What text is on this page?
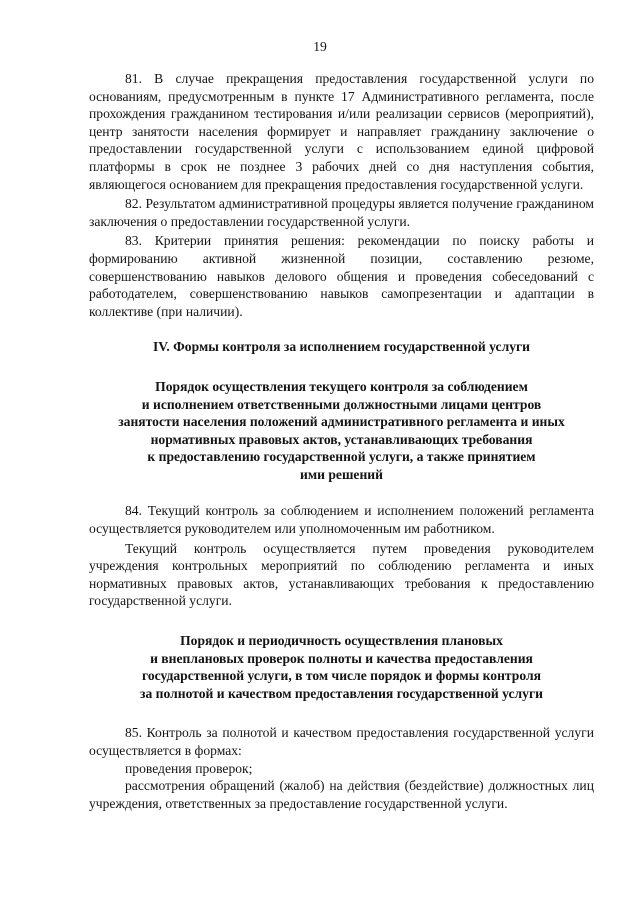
19

81. В случае прекращения предоставления государственной услуги по основаниям, предусмотренным в пункте 17 Административного регламента, после прохождения гражданином тестирования и/или реализации сервисов (мероприятий), центр занятости населения формирует и направляет гражданину заключение о предоставлении государственной услуги с использованием единой цифровой платформы в срок не позднее 3 рабочих дней со дня наступления события, являющегося основанием для прекращения предоставления государственной услуги.

82. Результатом административной процедуры является получение гражданином заключения о предоставлении государственной услуги.

83. Критерии принятия решения: рекомендации по поиску работы и формированию активной жизненной позиции, составлению резюме, совершенствованию навыков делового общения и проведения собеседований с работодателем, совершенствованию навыков самопрезентации и адаптации в коллективе (при наличии).

IV. Формы контроля за исполнением государственной услуги
Порядок осуществления текущего контроля за соблюдением
и исполнением ответственными должностными лицами центров
занятости населения положений административного регламента и иных
нормативных правовых актов, устанавливающих требования
к предоставлению государственной услуги, а также принятием
ими решений

84. Текущий контроль за соблюдением и исполнением положений регламента осуществляется руководителем или уполномоченным им работником.

Текущий контроль осуществляется путем проведения руководителем учреждения контрольных мероприятий по соблюдению регламента и иных нормативных правовых актов, устанавливающих требования к предоставлению государственной услуги.

Порядок и периодичность осуществления плановых
и внеплановых проверок полноты и качества предоставления
государственной услуги, в том числе порядок и формы контроля
за полнотой и качеством предоставления государственной услуги

85. Контроль за полнотой и качеством предоставления государственной услуги осуществляется в формах:

проведения проверок;

рассмотрения обращений (жалоб) на действия (бездействие) должностных лиц учреждения, ответственных за предоставление государственной услуги.
